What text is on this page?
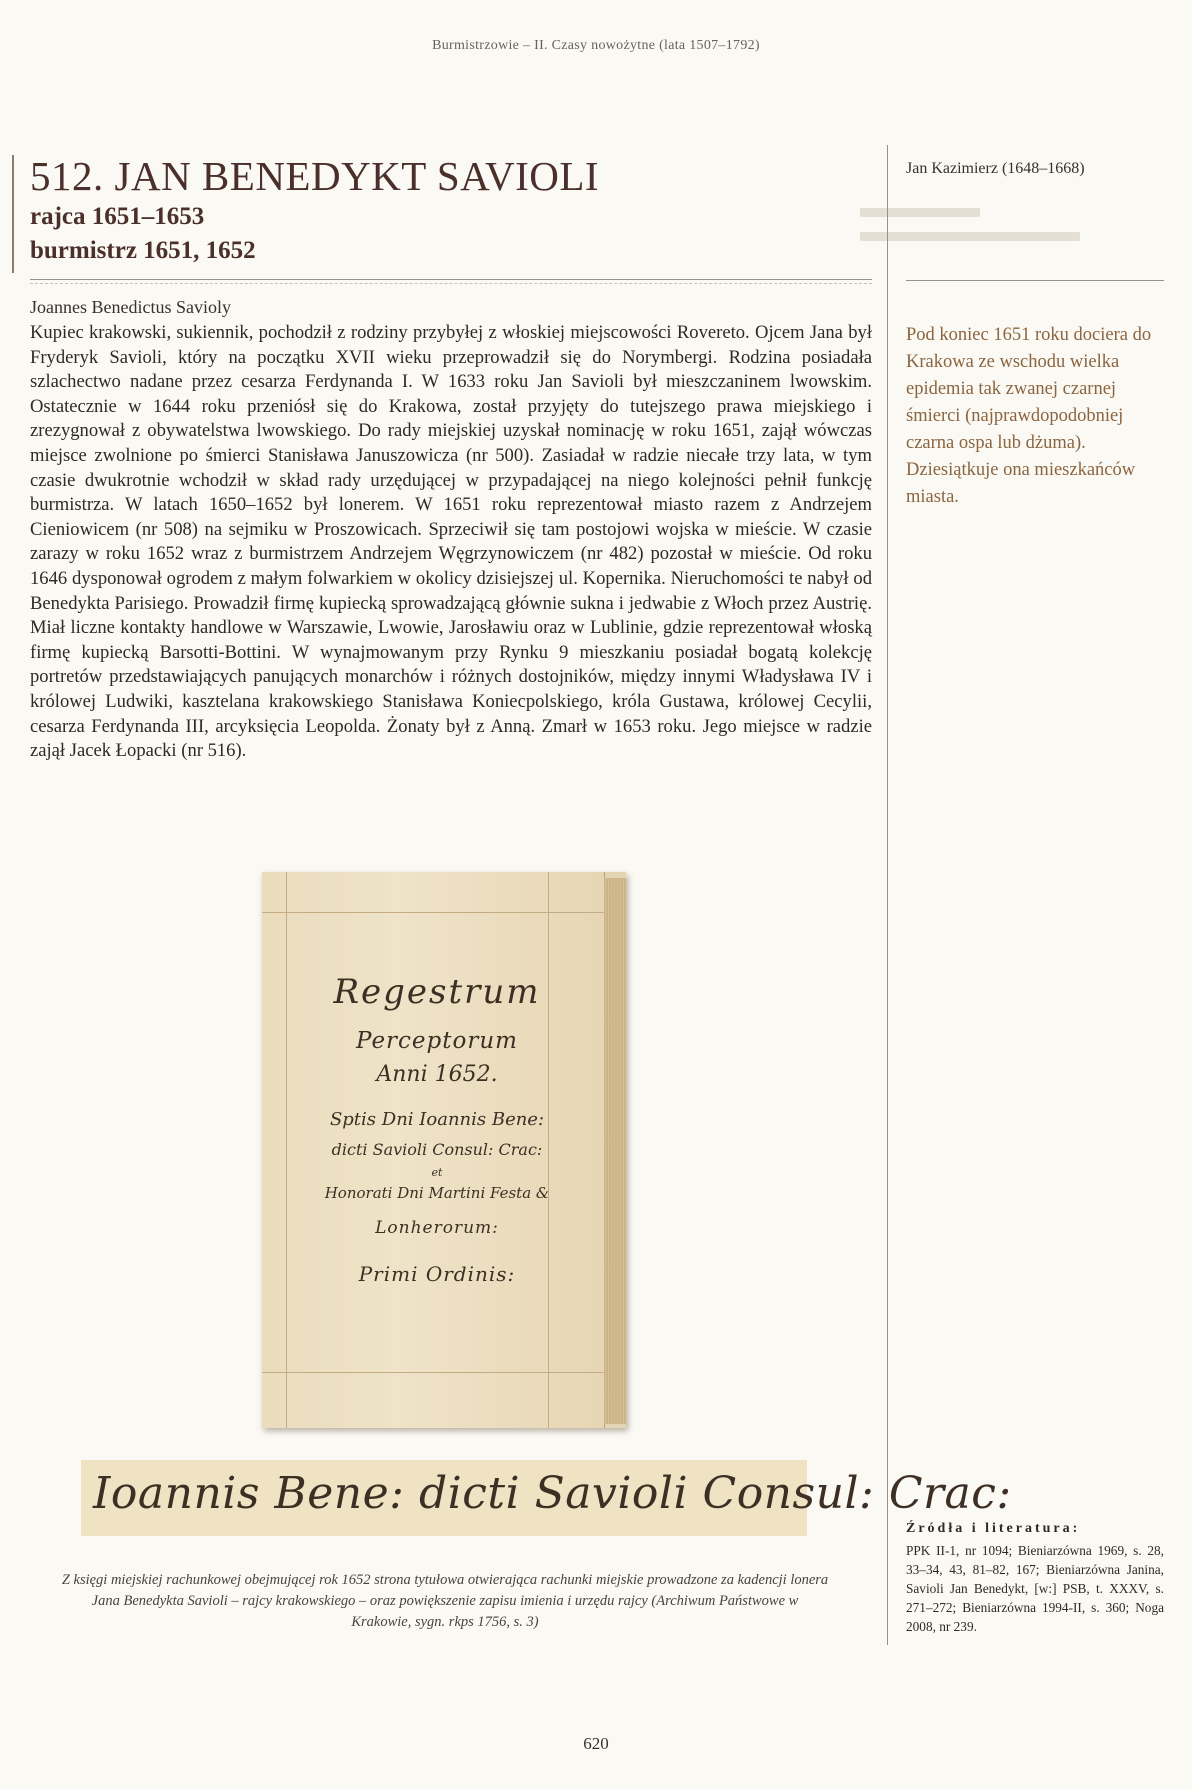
Burmistrzowie – II. Czasy nowożytne (lata 1507–1792)
512. JAN BENEDYKT SAVIOLI
rajca 1651–1653
burmistrz 1651, 1652
Joannes Benedictus Savioly

Kupiec krakowski, sukiennik, pochodził z rodziny przybyłej z włoskiej miejscowości Rovereto. Ojcem Jana był Fryderyk Savioli, który na początku XVII wieku przeprowadził się do Norymbergi. Rodzina posiadała szlachectwo nadane przez cesarza Ferdynanda I. W 1633 roku Jan Savioli był mieszczaninem lwowskim. Ostatecznie w 1644 roku przeniósł się do Krakowa, został przyjęty do tutejszego prawa miejskiego i zrezygnował z obywatelstwa lwowskiego. Do rady miejskiej uzyskał nominację w roku 1651, zajął wówczas miejsce zwolnione po śmierci Stanisława Januszowicza (nr 500). Zasiadał w radzie niecałe trzy lata, w tym czasie dwukrotnie wchodził w skład rady urzędującej w przypadającej na niego kolejności pełnił funkcję burmistrza. W latach 1650–1652 był lonerem. W 1651 roku reprezentował miasto razem z Andrzejem Cieniowicem (nr 508) na sejmiku w Proszowicach. Sprzeciwił się tam postojowi wojska w mieście. W czasie zarazy w roku 1652 wraz z burmistrzem Andrzejem Węgrzynowiczem (nr 482) pozostał w mieście. Od roku 1646 dysponował ogrodem z małym folwarkiem w okolicy dzisiejszej ul. Kopernika. Nieruchomości te nabył od Benedykta Parisiego. Prowadził firmę kupiecką sprowadzającą głównie sukna i jedwabie z Włoch przez Austrię. Miał liczne kontakty handlowe w Warszawie, Lwowie, Jarosławiu oraz w Lublinie, gdzie reprezentował włoską firmę kupiecką Barsotti-Bottini. W wynajmowanym przy Rynku 9 mieszkaniu posiadał bogatą kolekcję portretów przedstawiających panujących monarchów i różnych dostojników, między innymi Władysława IV i królowej Ludwiki, kasztelana krakowskiego Stanisława Koniecpolskiego, króla Gustawa, królowej Cecylii, cesarza Ferdynanda III, arcyksięcia Leopolda. Żonaty był z Anną. Zmarł w 1653 roku. Jego miejsce w radzie zajął Jacek Łopacki (nr 516).

Jan Kazimierz (1648–1668)
Pod koniec 1651 roku dociera do Krakowa ze wschodu wielka epidemia tak zwanej czarnej śmierci (najprawdopodobniej czarna ospa lub dżuma). Dziesiątkuje ona mieszkańców miasta.
Regestrum
Perceptorum
Anni 1652.
Sptis Dni Ioannis Bene:
dicti Savioli Consul: Crac:
et
Honorati Dni Martini Festa &
Lonherorum:
Primi Ordinis:
Ioannis Bene: dicti Savioli Consul: Crac:
Z księgi miejskiej rachunkowej obejmującej rok 1652 strona tytułowa otwierająca rachunki miejskie prowadzone za kadencji lonera Jana Benedykta Savioli – rajcy krakowskiego – oraz powiększenie zapisu imienia i urzędu rajcy (Archiwum Państwowe w Krakowie, sygn. rkps 1756, s. 3)
Źródła i literatura:

PPK II-1, nr 1094; Bieniarzówna 1969, s. 28, 33–34, 43, 81–82, 167; Bieniarzówna Janina, Savioli Jan Benedykt, [w:] PSB, t. XXXV, s. 271–272; Bieniarzówna 1994-II, s. 360; Noga 2008, nr 239.

620
